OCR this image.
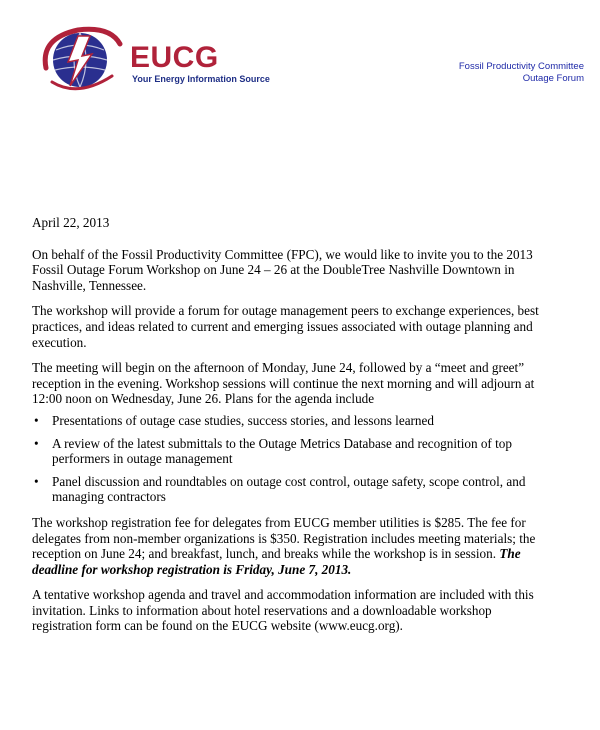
EUCG
Your Energy Information Source
Fossil Productivity Committee
Outage Forum

April 22, 2013

On behalf of the Fossil Productivity Committee (FPC), we would like to invite you to the 2013 Fossil Outage Forum Workshop on June 24 – 26 at the DoubleTree Nashville Downtown in Nashville, Tennessee.

The workshop will provide a forum for outage management peers to exchange experiences, best practices, and ideas related to current and emerging issues associated with outage planning and execution.

The meeting will begin on the afternoon of Monday, June 24, followed by a “meet and greet” reception in the evening. Workshop sessions will continue the next morning and will adjourn at 12:00 noon on Wednesday, June 26. Plans for the agenda include

• Presentations of outage case studies, success stories, and lessons learned
• A review of the latest submittals to the Outage Metrics Database and recognition of top performers in outage management
• Panel discussion and roundtables on outage cost control, outage safety, scope control, and managing contractors

The workshop registration fee for delegates from EUCG member utilities is $285. The fee for delegates from non-member organizations is $350. Registration includes meeting materials; the reception on June 24; and breakfast, lunch, and breaks while the workshop is in session. The deadline for workshop registration is Friday, June 7, 2013.

A tentative workshop agenda and travel and accommodation information are included with this invitation. Links to information about hotel reservations and a downloadable workshop registration form can be found on the EUCG website (www.eucg.org).
